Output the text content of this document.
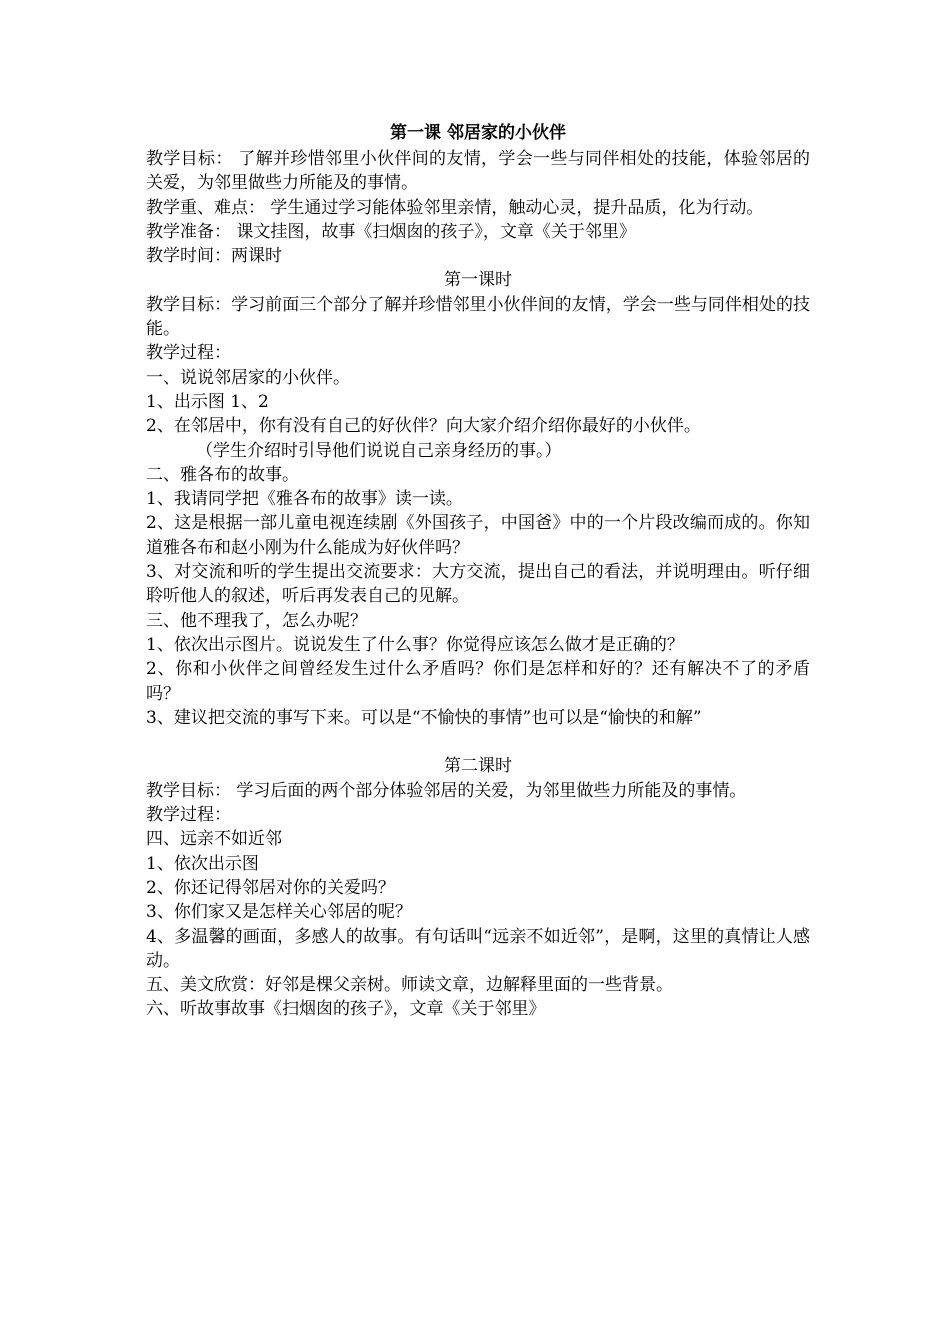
第一课 邻居家的小伙伴
教学目标： 了解并珍惜邻里小伙伴间的友情，学会一些与同伴相处的技能，体验邻居的关爱，为邻里做些力所能及的事情。
教学重、难点： 学生通过学习能体验邻里亲情，触动心灵，提升品质，化为行动。
教学准备： 课文挂图，故事《扫烟囱的孩子》，文章《关于邻里》
教学时间：两课时
第一课时
教学目标：学习前面三个部分了解并珍惜邻里小伙伴间的友情，学会一些与同伴相处的技能。
教学过程：
一、说说邻居家的小伙伴。
1、出示图 1、2
2、在邻居中，你有没有自己的好伙伴？向大家介绍介绍你最好的小伙伴。
（学生介绍时引导他们说说自己亲身经历的事。）
二、雅各布的故事。
1、我请同学把《雅各布的故事》读一读。
2、这是根据一部儿童电视连续剧《外国孩子，中国爸》中的一个片段改编而成的。你知道雅各布和赵小刚为什么能成为好伙伴吗？
3、对交流和听的学生提出交流要求：大方交流，提出自己的看法，并说明理由。听仔细聆听他人的叙述，听后再发表自己的见解。
三、他不理我了，怎么办呢？
1、依次出示图片。说说发生了什么事？你觉得应该怎么做才是正确的？
2、你和小伙伴之间曾经发生过什么矛盾吗？你们是怎样和好的？还有解决不了的矛盾吗？
3、建议把交流的事写下来。可以是“不愉快的事情”也可以是“愉快的和解”
第二课时
教学目标： 学习后面的两个部分体验邻居的关爱，为邻里做些力所能及的事情。
教学过程：
四、远亲不如近邻
1、依次出示图
2、你还记得邻居对你的关爱吗？
3、你们家又是怎样关心邻居的呢？
4、多温馨的画面，多感人的故事。有句话叫“远亲不如近邻”，是啊，这里的真情让人感动。
五、美文欣赏：好邻是棵父亲树。师读文章，边解释里面的一些背景。
六、听故事故事《扫烟囱的孩子》，文章《关于邻里》
